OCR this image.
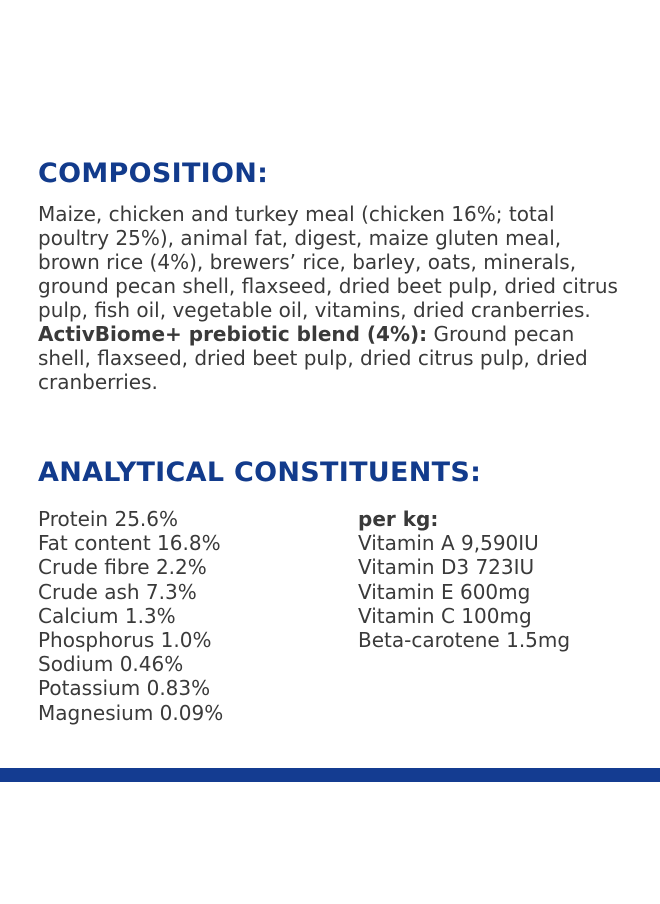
COMPOSITION:

Maize, chicken and turkey meal (chicken 16%; total poultry 25%), animal fat, digest, maize gluten meal, brown rice (4%), brewers’ rice, barley, oats, minerals, ground pecan shell, flaxseed, dried beet pulp, dried citrus pulp, fish oil, vegetable oil, vitamins, dried cranberries.

ActivBiome+ prebiotic blend (4%): Ground pecan shell, flaxseed, dried beet pulp, dried citrus pulp, dried cranberries.

ANALYTICAL CONSTITUENTS:
Protein 25.6%
Fat content 16.8%
Crude fibre 2.2%
Crude ash 7.3%
Calcium 1.3%
Phosphorus 1.0%
Sodium 0.46%
Potassium 0.83%
Magnesium 0.09%
per kg:
Vitamin A 9,590IU
Vitamin D3 723IU
Vitamin E 600mg
Vitamin C 100mg
Beta-carotene 1.5mg
